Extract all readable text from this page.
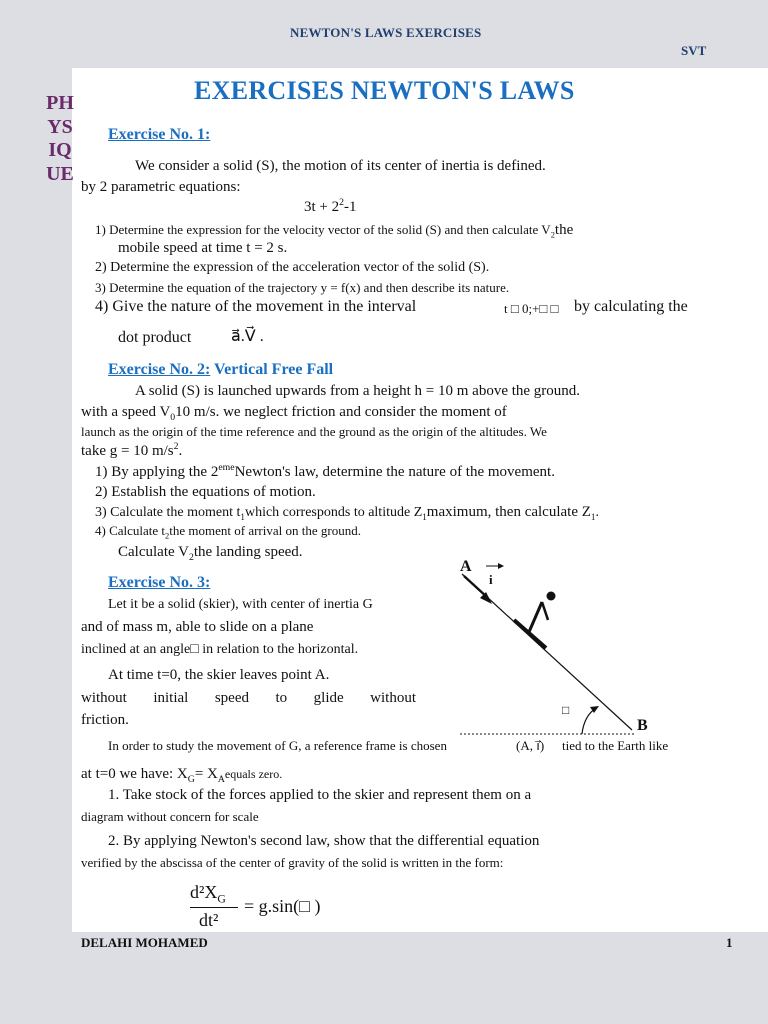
NEWTON'S LAWS EXERCISES
SVT
PHYSIQUE
EXERCISES NEWTON'S LAWS
Exercise No. 1:
We consider a solid (S), the motion of its center of inertia is defined.
by 2 parametric equations:
$3t + 2^2-1$
1) Determine the expression for the velocity vector of the solid (S) and then calculate $V_2the$
mobile speed at time t = 2 s.
2) Determine the expression of the acceleration vector of the solid (S).
3) Determine the equation of the trajectory y = f(x) and then describe its nature.
4) Give the nature of the movement in the interval	t □ 0;+□ □ by calculating the
dot product a⃗.V⃗ .
Exercise No. 2: Vertical Free Fall
A solid (S) is launched upwards from a height h = 10 m above the ground.
with a speed $V_010$ m/s. we neglect friction and consider the moment of
launch as the origin of the time reference and the ground as the origin of the altitudes. We
take g = 10 $m/s^2$.
1) By applying the 2emeNewton's law, determine the nature of the movement.
2) Establish the equations of motion.
3) Calculate the moment $t_1which$ corresponds to altitude $Z_1maximum$, then calculate $Z_1$.
4) Calculate $t_2the$ moment of arrival on the ground.
Calculate $V_2the$ landing speed.
Exercise No. 3:
Let it be a solid (skier), with center of inertia G
and of mass m, able to slide on a plane
inclined at an angle□ in relation to the horizontal.
At time t=0, the skier leaves point A.
without initial speed to glide without
friction.
In order to study the movement of G, a reference frame is chosen	(A, i⃗) tied to the Earth like
at t=0 we have: $X_G=$ $X_Aequals$ zero.
1. Take stock of the forces applied to the skier and represent them on a
diagram without concern for scale
2. By applying Newton's second law, show that the differential equation
verified by the abscissa of the center of gravity of the solid is written in the form:
$d^2X_G$
dt²
= g.sin(□ )
A
i
B
□
DELAHI MOHAMED	1
